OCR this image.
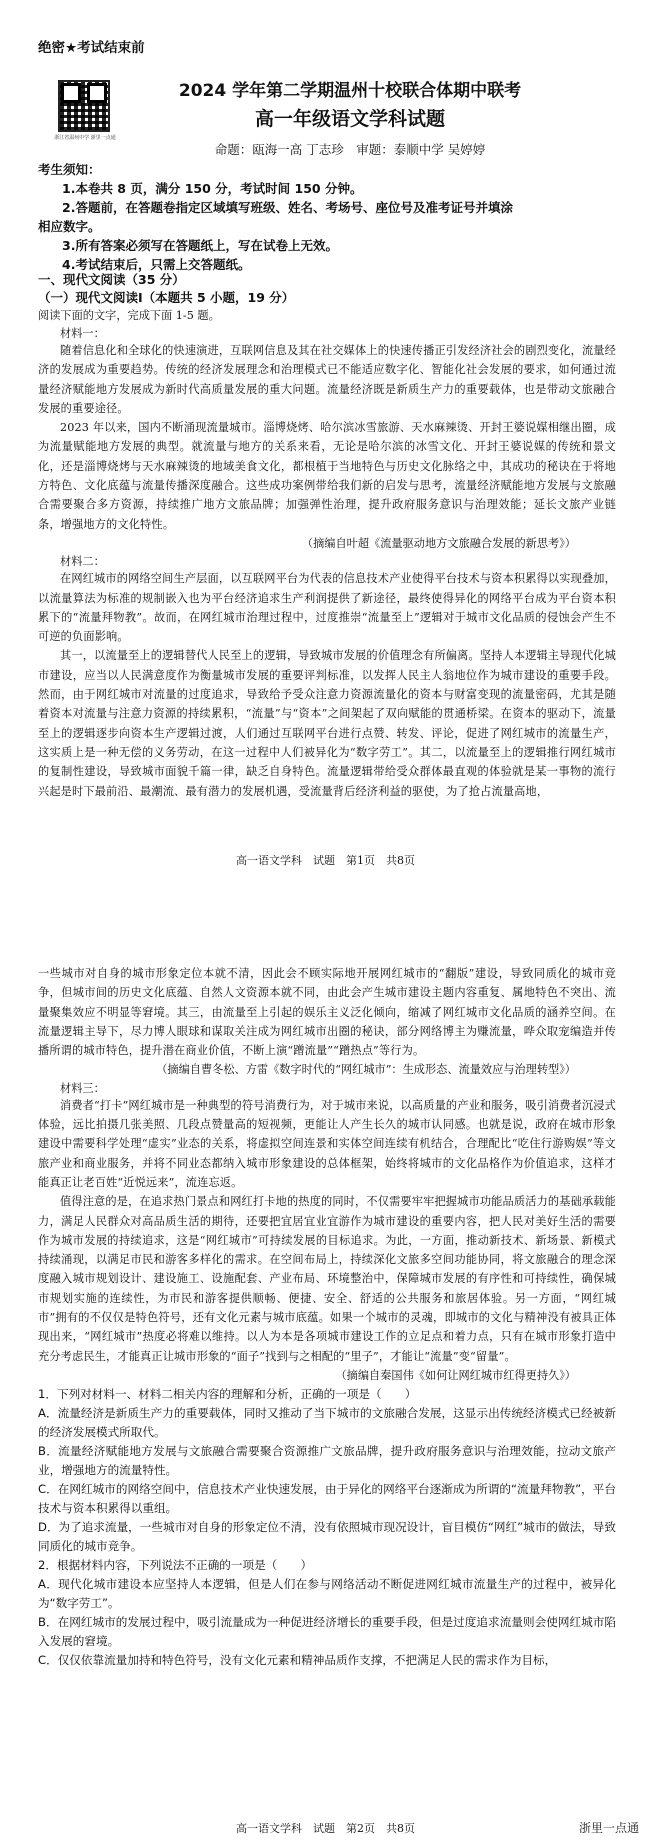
绝密★考试结束前
浙江省温州中学 浙里一点通
2024 学年第二学期温州十校联合体期中联考
高一年级语文学科试题
命题：瓯海一高 丁志珍　审题：泰顺中学 吴婷婷
考生须知：
1.本卷共 8 页，满分 150 分，考试时间 150 分钟。
2.答题前，在答题卷指定区域填写班级、姓名、考场号、座位号及准考证号并填涂
相应数字。
3.所有答案必须写在答题纸上，写在试卷上无效。
4.考试结束后，只需上交答题纸。
一、现代文阅读（35 分）
（一）现代文阅读Ⅰ（本题共 5 小题，19 分）
阅读下面的文字，完成下面 1-5 题。
材料一：

随着信息化和全球化的快速演进，互联网信息及其在社交媒体上的快速传播正引发经济社会的剧烈变化，流量经济的发展成为重要趋势。传统的经济发展理念和治理模式已不能适应数字化、智能化社会发展的要求，如何通过流量经济赋能地方发展成为新时代高质量发展的重大问题。流量经济既是新质生产力的重要载体，也是带动文旅融合发展的重要途径。

2023 年以来，国内不断涌现流量城市。淄博烧烤、哈尔滨冰雪旅游、天水麻辣烫、开封王婆说媒相继出圈，成为流量赋能地方发展的典型。就流量与地方的关系来看，无论是哈尔滨的冰雪文化、开封王婆说媒的传统和景文化，还是淄博烧烤与天水麻辣烫的地域美食文化，都根植于当地特色与历史文化脉络之中，其成功的秘诀在于将地方特色、文化底蕴与流量传播深度融合。这些成功案例带给我们新的启发与思考，流量经济赋能地方发展与文旅融合需要聚合多方资源，持续推广地方文旅品牌；加强弹性治理，提升政府服务意识与治理效能；延长文旅产业链条，增强地方的文化特性。

（摘编自叶超《流量驱动地方文旅融合发展的新思考》）
材料二：

在网红城市的网络空间生产层面，以互联网平台为代表的信息技术产业使得平台技术与资本积累得以实现叠加，以流量算法为标准的规制嵌入也为平台经济追求生产利润提供了新途径，最终使得异化的网络平台成为平台资本积累下的“流量拜物教”。故而，在网红城市治理过程中，过度推崇“流量至上”逻辑对于城市文化品质的侵蚀会产生不可逆的负面影响。

其一，以流量至上的逻辑替代人民至上的逻辑，导致城市发展的价值理念有所偏离。坚持人本逻辑主导现代化城市建设，应当以人民满意度作为衡量城市发展的重要评判标准，以发挥人民主人翁地位作为城市建设的重要手段。然而，由于网红城市对流量的过度追求，导致给予受众注意力资源流量化的资本与财富变现的流量密码，尤其是随着资本对流量与注意力资源的持续累积，“流量”与“资本”之间架起了双向赋能的贯通桥梁。在资本的驱动下，流量至上的逻辑逐步向资本生产逻辑过渡，人们通过互联网平台进行点赞、转发、评论，促进了网红城市的流量生产，这实质上是一种无偿的义务劳动，在这一过程中人们被异化为“数字劳工”。其二，以流量至上的逻辑推行网红城市的复制性建设，导致城市面貌千篇一律，缺乏自身特色。流量逻辑带给受众群体最直观的体验就是某一事物的流行兴起是时下最前沿、最潮流、最有潜力的发展机遇，受流量背后经济利益的驱使，为了抢占流量高地，

高一语文学科　试题　第1页　共8页

一些城市对自身的城市形象定位本就不清，因此会不顾实际地开展网红城市的“翻版”建设，导致同质化的城市竞争，但城市间的历史文化底蕴、自然人文资源本就不同，由此会产生城市建设主题内容重复、属地特色不突出、流量聚集效应不明显等窘境。其三，由流量至上引起的娱乐主义泛化倾向，缩减了网红城市文化品质的涵养空间。在流量逻辑主导下，尽力博人眼球和谋取关注成为网红城市出圈的秘诀，部分网络博主为赚流量，哗众取宠编造并传播所谓的城市特色，提升潜在商业价值，不断上演“蹭流量”“蹭热点”等行为。

（摘编自曹冬松、方雷《数字时代的“网红城市”：生成形态、流量效应与治理转型》）
材料三：

消费者“打卡”网红城市是一种典型的符号消费行为，对于城市来说，以高质量的产业和服务，吸引消费者沉浸式体验，远比拍摄几张美照、几段点赞量高的短视频，更能让人产生长久的城市认同感。也就是说，政府在城市形象建设中需要科学处理“虚实”业态的关系，将虚拟空间连景和实体空间连续有机结合，合理配比“吃住行游购娱”等文旅产业和商业服务，并将不同业态都纳入城市形象建设的总体框架，始终将城市的文化品格作为价值追求，这样才能真正让老百姓“近悦远来”，流连忘返。

值得注意的是，在追求热门景点和网红打卡地的热度的同时，不仅需要牢牢把握城市功能品质活力的基础承载能力，满足人民群众对高品质生活的期待，还要把宜居宜业宜游作为城市建设的重要内容，把人民对美好生活的需要作为城市发展的持续追求，这是“网红城市”可持续发展的目标追求。为此，一方面，推动新技术、新场景、新模式持续涌现，以满足市民和游客多样化的需求。在空间布局上，持续深化文旅多空间功能协同，将文旅融合的理念深度融入城市规划设计、建设施工、设施配套、产业布局、环境整治中，保障城市发展的有序性和可持续性，确保城市规划实施的连续性，为市民和游客提供顺畅、便捷、安全、舒适的公共服务和旅居体验。另一方面，“网红城市”拥有的不仅仅是特色符号，还有文化元素与城市底蕴。如果一个城市的灵魂，即城市的文化与精神没有被具正体现出来，“网红城市”热度必将难以维持。以人为本是各项城市建设工作的立足点和着力点，只有在城市形象打造中充分考虑民生，才能真正让城市形象的“面子”找到与之相配的“里子”，才能让“流量”变“留量”。

（摘编自秦国伟《如何让网红城市红得更持久》）
1．下列对材料一、材料二相关内容的理解和分析，正确的一项是（　　）
A．流量经济是新质生产力的重要载体，同时又推动了当下城市的文旅融合发展，这显示出传统经济模式已经被新的经济发展模式所取代。
B．流量经济赋能地方发展与文旅融合需要聚合资源推广文旅品牌，提升政府服务意识与治理效能，拉动文旅产业，增强地方的流量特性。
C．在网红城市的网络空间中，信息技术产业快速发展，由于异化的网络平台逐渐成为所谓的“流量拜物教”，平台技术与资本积累得以重组。
D．为了追求流量，一些城市对自身的形象定位不清，没有依照城市现况设计，盲目模仿“网红”城市的做法，导致同质化的城市竞争。
2．根据材料内容，下列说法不正确的一项是（　　）
A．现代化城市建设本应坚持人本逻辑，但是人们在参与网络活动不断促进网红城市流量生产的过程中，被异化为“数字劳工”。
B．在网红城市的发展过程中，吸引流量成为一种促进经济增长的重要手段，但是过度追求流量则会使网红城市陷入发展的窘境。
C．仅仅依靠流量加持和特色符号，没有文化元素和精神品质作支撑，不把满足人民的需求作为目标，
高一语文学科　试题　第2页　共8页	浙里一点通
